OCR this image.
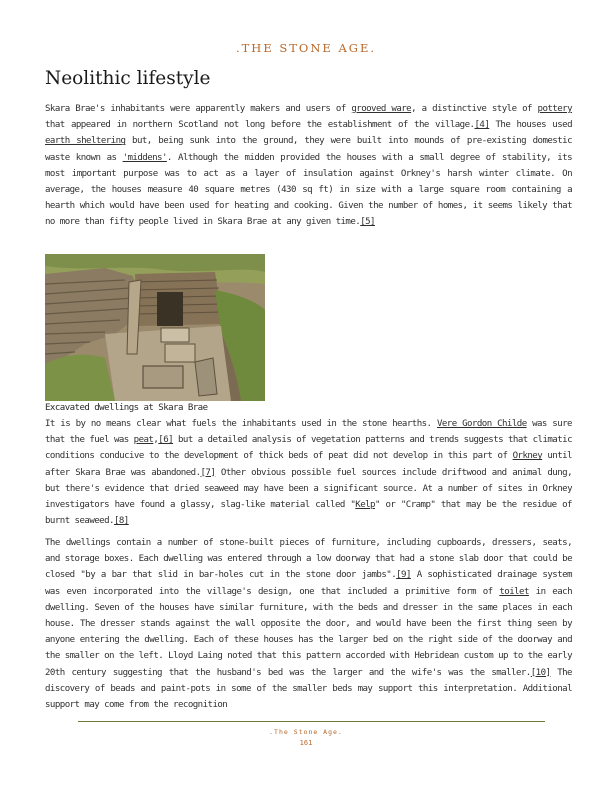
.THE STONE AGE.
Neolithic lifestyle

Skara Brae's inhabitants were apparently makers and users of grooved ware, a distinctive style of pottery that appeared in northern Scotland not long before the establishment of the village.[4] The houses used earth sheltering but, being sunk into the ground, they were built into mounds of pre-existing domestic waste known as 'middens'. Although the midden provided the houses with a small degree of stability, its most important purpose was to act as a layer of insulation against Orkney's harsh winter climate. On average, the houses measure 40 square metres (430 sq ft) in size with a large square room containing a hearth which would have been used for heating and cooking. Given the number of homes, it seems likely that no more than fifty people lived in Skara Brae at any given time.[5]

Excavated dwellings at Skara Brae

It is by no means clear what fuels the inhabitants used in the stone hearths. Vere Gordon Childe was sure that the fuel was peat,[6] but a detailed analysis of vegetation patterns and trends suggests that climatic conditions conducive to the development of thick beds of peat did not develop in this part of Orkney until after Skara Brae was abandoned.[7] Other obvious possible fuel sources include driftwood and animal dung, but there's evidence that dried seaweed may have been a significant source. At a number of sites in Orkney investigators have found a glassy, slag-like material called "Kelp" or "Cramp" that may be the residue of burnt seaweed.[8]

The dwellings contain a number of stone-built pieces of furniture, including cupboards, dressers, seats, and storage boxes. Each dwelling was entered through a low doorway that had a stone slab door that could be closed "by a bar that slid in bar-holes cut in the stone door jambs".[9] A sophisticated drainage system was even incorporated into the village's design, one that included a primitive form of toilet in each dwelling. Seven of the houses have similar furniture, with the beds and dresser in the same places in each house. The dresser stands against the wall opposite the door, and would have been the first thing seen by anyone entering the dwelling. Each of these houses has the larger bed on the right side of the doorway and the smaller on the left. Lloyd Laing noted that this pattern accorded with Hebridean custom up to the early 20th century suggesting that the husband's bed was the larger and the wife's was the smaller.[10] The discovery of beads and paint-pots in some of the smaller beds may support this interpretation. Additional support may come from the recognition

.The Stone Age.
161
